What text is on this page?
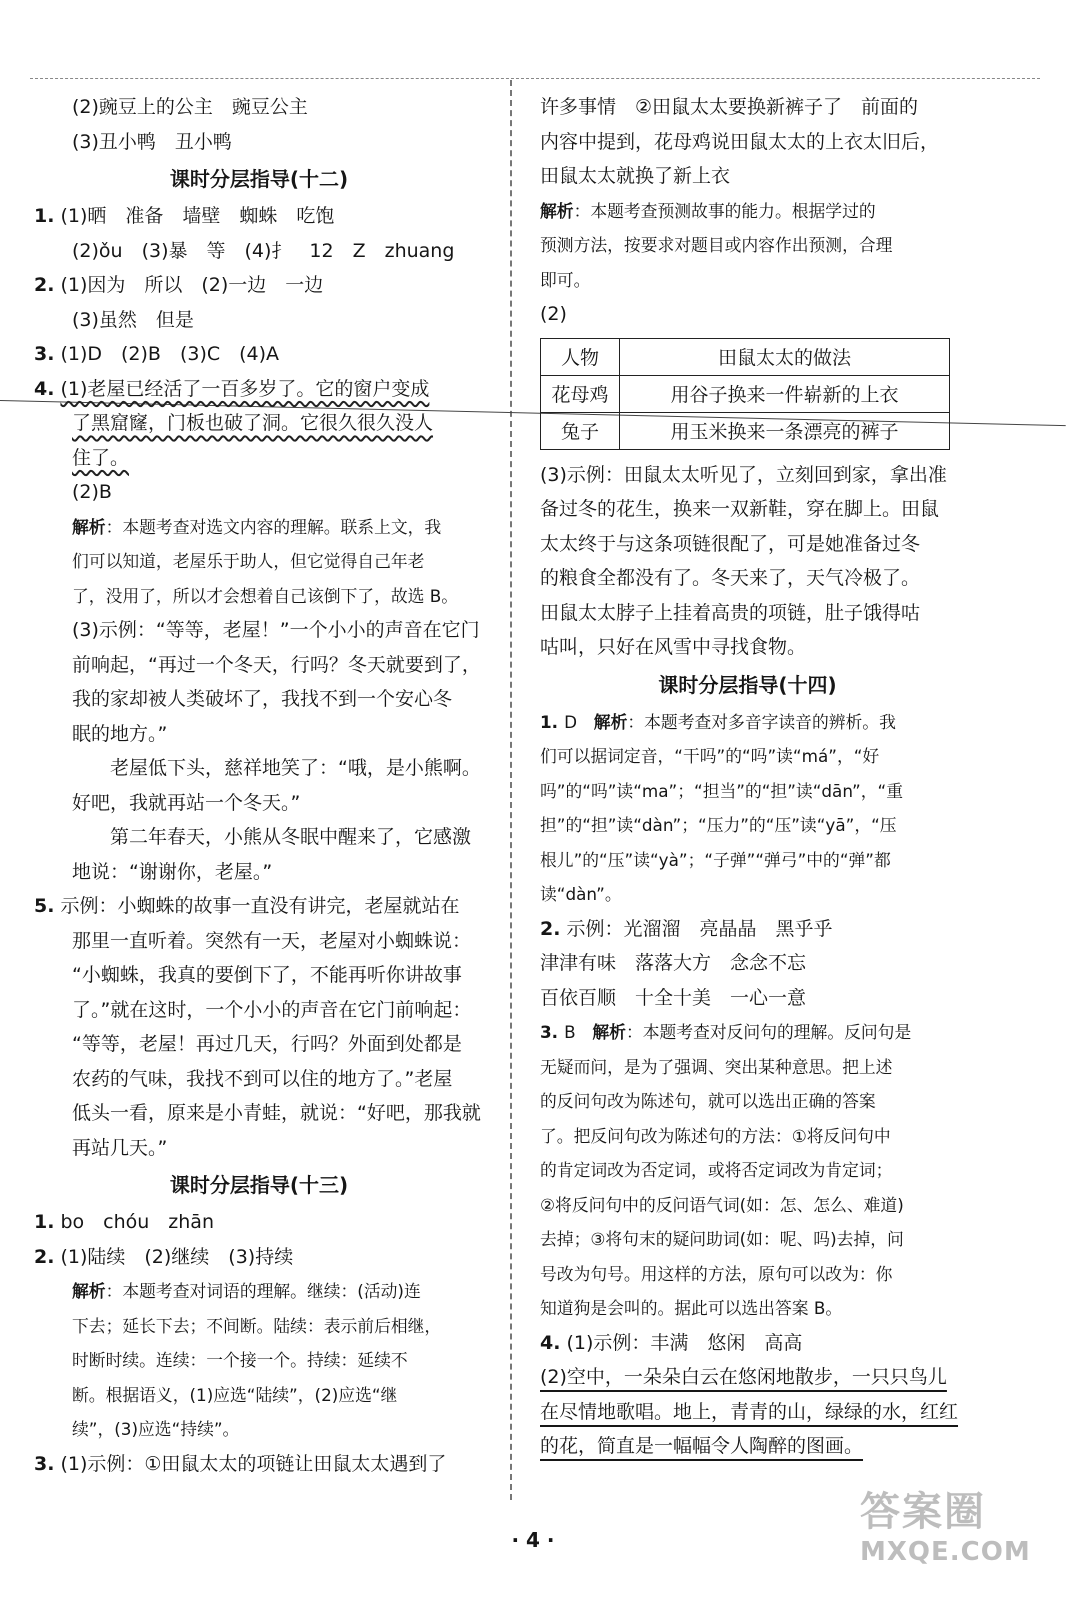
(2)豌豆上的公主　豌豆公主
(3)丑小鸭　丑小鸭
课时分层指导(十二)
1. (1)晒　准备　墙壁　蜘蛛　吃饱
(2)ǒu　(3)暴　等　(4)扌　12　Z　zhuang
2. (1)因为　所以　(2)一边　一边
(3)虽然　但是
3. (1)D　(2)B　(3)C　(4)A
4. (1)老屋已经活了一百多岁了。它的窗户变成
了黑窟窿，门板也破了洞。它很久很久没人
住了。
(2)B
解析：本题考查对选文内容的理解。联系上文，我
们可以知道，老屋乐于助人，但它觉得自己年老
了，没用了，所以才会想着自己该倒下了，故选 B。
(3)示例：“等等，老屋！”一个小小的声音在它门
前响起，“再过一个冬天，行吗？冬天就要到了，
我的家却被人类破坏了，我找不到一个安心冬
眠的地方。”
老屋低下头，慈祥地笑了：“哦，是小熊啊。
好吧，我就再站一个冬天。”
第二年春天，小熊从冬眠中醒来了，它感激
地说：“谢谢你，老屋。”
5. 示例：小蜘蛛的故事一直没有讲完，老屋就站在
那里一直听着。突然有一天，老屋对小蜘蛛说：
“小蜘蛛，我真的要倒下了，不能再听你讲故事
了。”就在这时，一个小小的声音在它门前响起：
“等等，老屋！再过几天，行吗？外面到处都是
农药的气味，我找不到可以住的地方了。”老屋
低头一看，原来是小青蛙，就说：“好吧，那我就
再站几天。”
课时分层指导(十三)
1. bo　chóu　zhān
2. (1)陆续　(2)继续　(3)持续
解析：本题考查对词语的理解。继续：(活动)连
下去；延长下去；不间断。陆续：表示前后相继，
时断时续。连续：一个接一个。持续：延续不
断。根据语义，(1)应选“陆续”，(2)应选“继
续”，(3)应选“持续”。
3. (1)示例：①田鼠太太的项链让田鼠太太遇到了
许多事情　②田鼠太太要换新裤子了　前面的
内容中提到，花母鸡说田鼠太太的上衣太旧后，
田鼠太太就换了新上衣
解析：本题考查预测故事的能力。根据学过的
预测方法，按要求对题目或内容作出预测，合理
即可。
(2)
人物	田鼠太太的做法
花母鸡	用谷子换来一件崭新的上衣
兔子	用玉米换来一条漂亮的裤子
(3)示例：田鼠太太听见了，立刻回到家，拿出准
备过冬的花生，换来一双新鞋，穿在脚上。田鼠
太太终于与这条项链很配了，可是她准备过冬
的粮食全都没有了。冬天来了，天气冷极了。
田鼠太太脖子上挂着高贵的项链，肚子饿得咕
咕叫，只好在风雪中寻找食物。
课时分层指导(十四)
1. D　解析：本题考查对多音字读音的辨析。我
们可以据词定音，“干吗”的“吗”读“má”，“好
吗”的“吗”读“ma”；“担当”的“担”读“dān”，“重
担”的“担”读“dàn”；“压力”的“压”读“yā”，“压
根儿”的“压”读“yà”；“子弹”“弹弓”中的“弹”都
读“dàn”。
2. 示例：光溜溜　亮晶晶　黑乎乎
津津有味　落落大方　念念不忘
百依百顺　十全十美　一心一意
3. B　解析：本题考查对反问句的理解。反问句是
无疑而问，是为了强调、突出某种意思。把上述
的反问句改为陈述句，就可以选出正确的答案
了。把反问句改为陈述句的方法：①将反问句中
的肯定词改为否定词，或将否定词改为肯定词；
②将反问句中的反问语气词(如：怎、怎么、难道)
去掉；③将句末的疑问助词(如：呢、吗)去掉，问
号改为句号。用这样的方法，原句可以改为：你
知道狗是会叫的。据此可以选出答案 B。
4. (1)示例：丰满　悠闲　高高
(2)空中，一朵朵白云在悠闲地散步，一只只鸟儿
在尽情地歌唱。地上，青青的山，绿绿的水，红红
的花，简直是一幅幅令人陶醉的图画。
· 4 ·
答案圈
MXQE.COM
